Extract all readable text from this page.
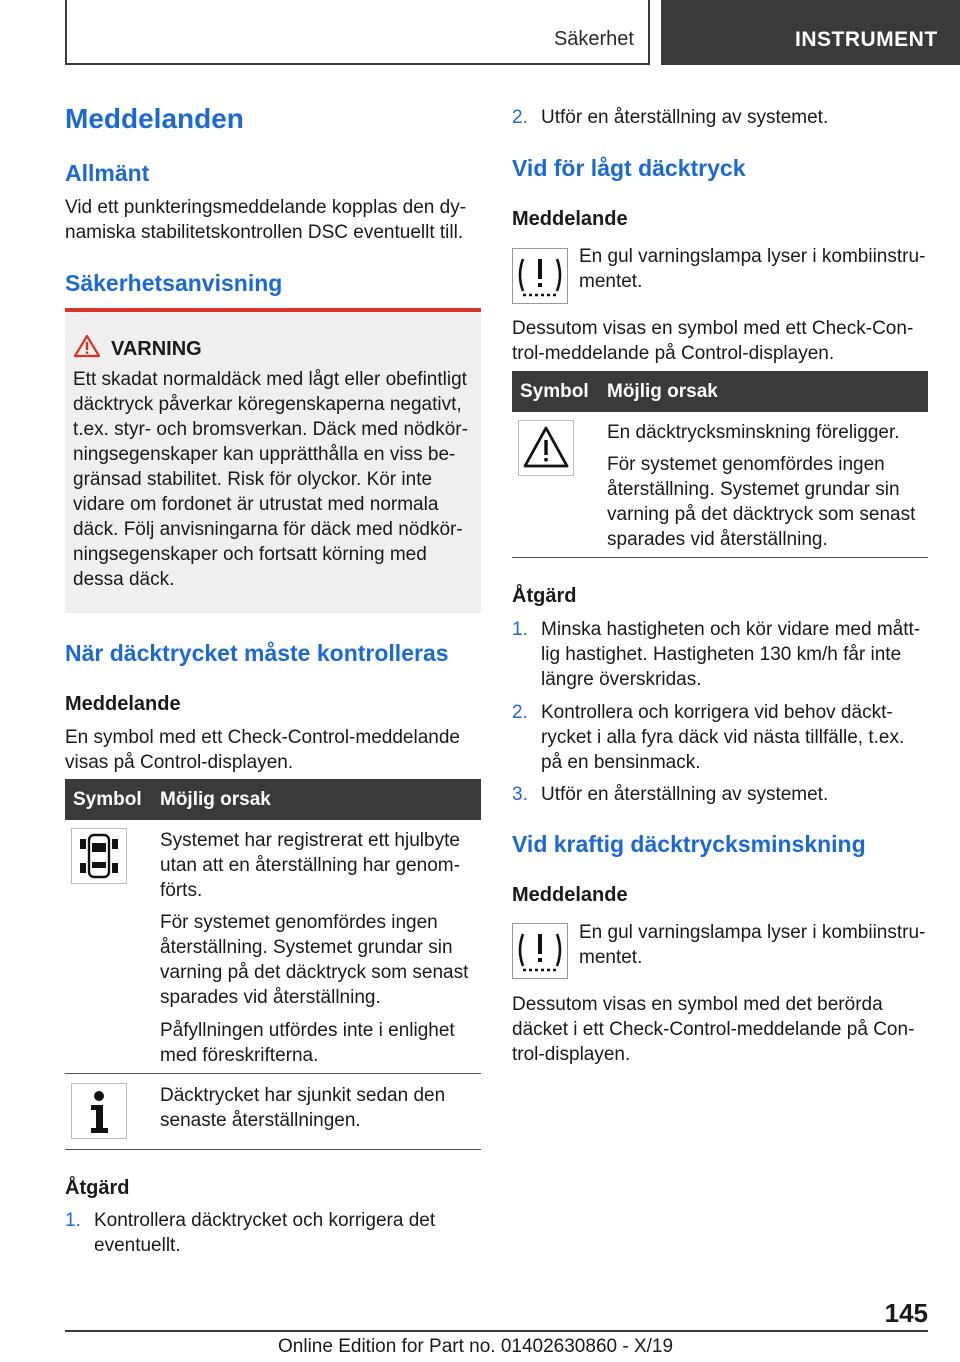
Säkerhet	INSTRUMENT
Meddelanden
Allmänt
Vid ett punkteringsmeddelande kopplas den dynamiska stabilitetskontrollen DSC eventuellt till.
Säkerhetsanvisning
VARNING
Ett skadat normaldäck med lågt eller obefintligt däcktryck påverkar köregenskaperna negativt, t.ex. styr- och bromsverkan. Däck med nödkörningsegenskaper kan upprätthålla en viss begränsad stabilitet. Risk för olyckor. Kör inte vidare om fordonet är utrustat med normala däck. Följ anvisningarna för däck med nödkörningsegenskaper och fortsatt körning med dessa däck.
När däcktrycket måste kontrolleras
Meddelande
En symbol med ett Check-Control-meddelande visas på Control-displayen.
Symbol Möjlig orsak
Systemet har registrerat ett hjulbyte utan att en återställning har genomförts.
För systemet genomfördes ingen återställning. Systemet grundar sin varning på det däcktryck som senast sparades vid återställning.
Påfyllningen utfördes inte i enlighet med föreskrifterna.
Däcktrycket har sjunkit sedan den senaste återställningen.
Åtgärd
1. Kontrollera däcktrycket och korrigera det eventuellt.
2. Utför en återställning av systemet.
Vid för lågt däcktryck
Meddelande
En gul varningslampa lyser i kombiinstrumentet.
Dessutom visas en symbol med ett Check-Control-meddelande på Control-displayen.
Symbol Möjlig orsak
En däcktrycksminskning föreligger.
För systemet genomfördes ingen återställning. Systemet grundar sin varning på det däcktryck som senast sparades vid återställning.
Åtgärd
1. Minska hastigheten och kör vidare med måttlig hastighet. Hastigheten 130 km/h får inte längre överskridas.
2. Kontrollera och korrigera vid behov däcktrycket i alla fyra däck vid nästa tillfälle, t.ex. på en bensinmack.
3. Utför en återställning av systemet.
Vid kraftig däcktrycksminskning
Meddelande
En gul varningslampa lyser i kombiinstrumentet.
Dessutom visas en symbol med det berörda däcket i ett Check-Control-meddelande på Control-displayen.
145
Online Edition for Part no. 01402630860 - X/19
